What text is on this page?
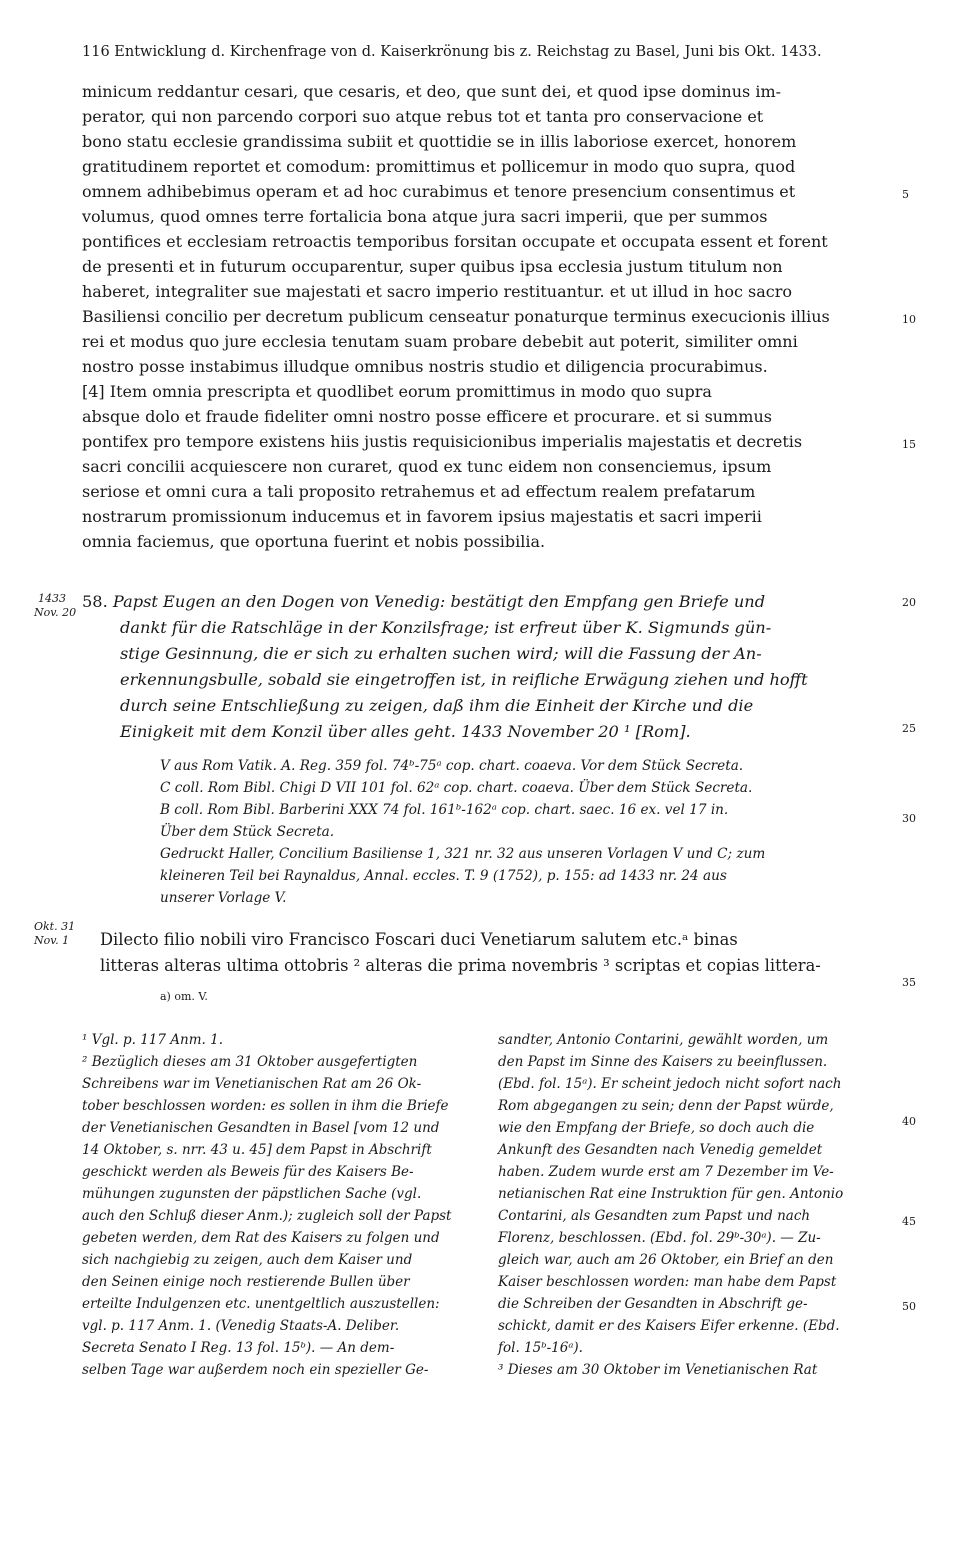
116 Entwicklung d. Kirchenfrage von d. Kaiserkrönung bis z. Reichstag zu Basel, Juni bis Okt. 1433.
minicum reddantur cesari, que cesaris, et deo, que sunt dei, et quod ipse dominus im-
perator, qui non parcendo corpori suo atque rebus tot et tanta pro conservacione et
bono statu ecclesie grandissima subiit et quottidie se in illis laboriose exercet, honorem
gratitudinem reportet et comodum: promittimus et pollicemur in modo quo supra, quod
omnem adhibebimus operam et ad hoc curabimus et tenore presencium consentimus et
volumus, quod omnes terre fortalicia bona atque jura sacri imperii, que per summos
pontifices et ecclesiam retroactis temporibus forsitan occupate et occupata essent et forent
de presenti et in futurum occuparentur, super quibus ipsa ecclesia justum titulum non
haberet, integraliter sue majestati et sacro imperio restituantur. et ut illud in hoc sacro
Basiliensi concilio per decretum publicum censeatur ponaturque terminus execucionis illius
rei et modus quo jure ecclesia tenutam suam probare debebit aut poterit, similiter omni
nostro posse instabimus illudque omnibus nostris studio et diligencia procurabimus.
[4] Item omnia prescripta et quodlibet eorum promittimus in modo quo supra
absque dolo et fraude fideliter omni nostro posse efficere et procurare. et si summus
pontifex pro tempore existens hiis justis requisicionibus imperialis majestatis et decretis
sacri concilii acquiescere non curaret, quod ex tunc eidem non consenciemus, ipsum
seriose et omni cura a tali proposito retrahemus et ad effectum realem prefatarum
nostrarum promissionum inducemus et in favorem ipsius majestatis et sacri imperii
omnia faciemus, que oportuna fuerint et nobis possibilia.
5
10
15
20
25
30
35
40
45
50
1433
Nov. 20
Okt. 31
Nov. 1
58. Papst Eugen an den Dogen von Venedig: bestätigt den Empfang gen Briefe und
dankt für die Ratschläge in der Konzilsfrage; ist erfreut über K. Sigmunds gün-
stige Gesinnung, die er sich zu erhalten suchen wird; will die Fassung der An-
erkennungsbulle, sobald sie eingetroffen ist, in reifliche Erwägung ziehen und hofft
durch seine Entschließung zu zeigen, daß ihm die Einheit der Kirche und die
Einigkeit mit dem Konzil über alles geht. 1433 November 20 ¹ [Rom].
V aus Rom Vatik. A. Reg. 359 fol. 74ᵇ-75ᵃ cop. chart. coaeva. Vor dem Stück Secreta.
C coll. Rom Bibl. Chigi D VII 101 fol. 62ᵃ cop. chart. coaeva. Über dem Stück Secreta.
B coll. Rom Bibl. Barberini XXX 74 fol. 161ᵇ-162ᵃ cop. chart. saec. 16 ex. vel 17 in.
Über dem Stück Secreta.
Gedruckt Haller, Concilium Basiliense 1, 321 nr. 32 aus unseren Vorlagen V und C; zum
kleineren Teil bei Raynaldus, Annal. eccles. T. 9 (1752), p. 155: ad 1433 nr. 24 aus
unserer Vorlage V.
Dilecto filio nobili viro Francisco Foscari duci Venetiarum salutem etc.ᵃ binas
litteras alteras ultima ottobris ² alteras die prima novembris ³ scriptas et copias littera-
a) om. V.
¹ Vgl. p. 117 Anm. 1.
² Bezüglich dieses am 31 Oktober ausgefertigten
Schreibens war im Venetianischen Rat am 26 Ok-
tober beschlossen worden: es sollen in ihm die Briefe
der Venetianischen Gesandten in Basel [vom 12 und
14 Oktober, s. nrr. 43 u. 45] dem Papst in Abschrift
geschickt werden als Beweis für des Kaisers Be-
mühungen zugunsten der päpstlichen Sache (vgl.
auch den Schluß dieser Anm.); zugleich soll der Papst
gebeten werden, dem Rat des Kaisers zu folgen und
sich nachgiebig zu zeigen, auch dem Kaiser und
den Seinen einige noch restierende Bullen über
erteilte Indulgenzen etc. unentgeltlich auszustellen:
vgl. p. 117 Anm. 1. (Venedig Staats-A. Deliber.
Secreta Senato I Reg. 13 fol. 15ᵇ). — An dem-
selben Tage war außerdem noch ein spezieller Ge-
sandter, Antonio Contarini, gewählt worden, um
den Papst im Sinne des Kaisers zu beeinflussen.
(Ebd. fol. 15ᵃ). Er scheint jedoch nicht sofort nach
Rom abgegangen zu sein; denn der Papst würde,
wie den Empfang der Briefe, so doch auch die
Ankunft des Gesandten nach Venedig gemeldet
haben. Zudem wurde erst am 7 Dezember im Ve-
netianischen Rat eine Instruktion für gen. Antonio
Contarini, als Gesandten zum Papst und nach
Florenz, beschlossen. (Ebd. fol. 29ᵇ-30ᵃ). — Zu-
gleich war, auch am 26 Oktober, ein Brief an den
Kaiser beschlossen worden: man habe dem Papst
die Schreiben der Gesandten in Abschrift ge-
schickt, damit er des Kaisers Eifer erkenne. (Ebd.
fol. 15ᵇ-16ᵃ).
³ Dieses am 30 Oktober im Venetianischen Rat
